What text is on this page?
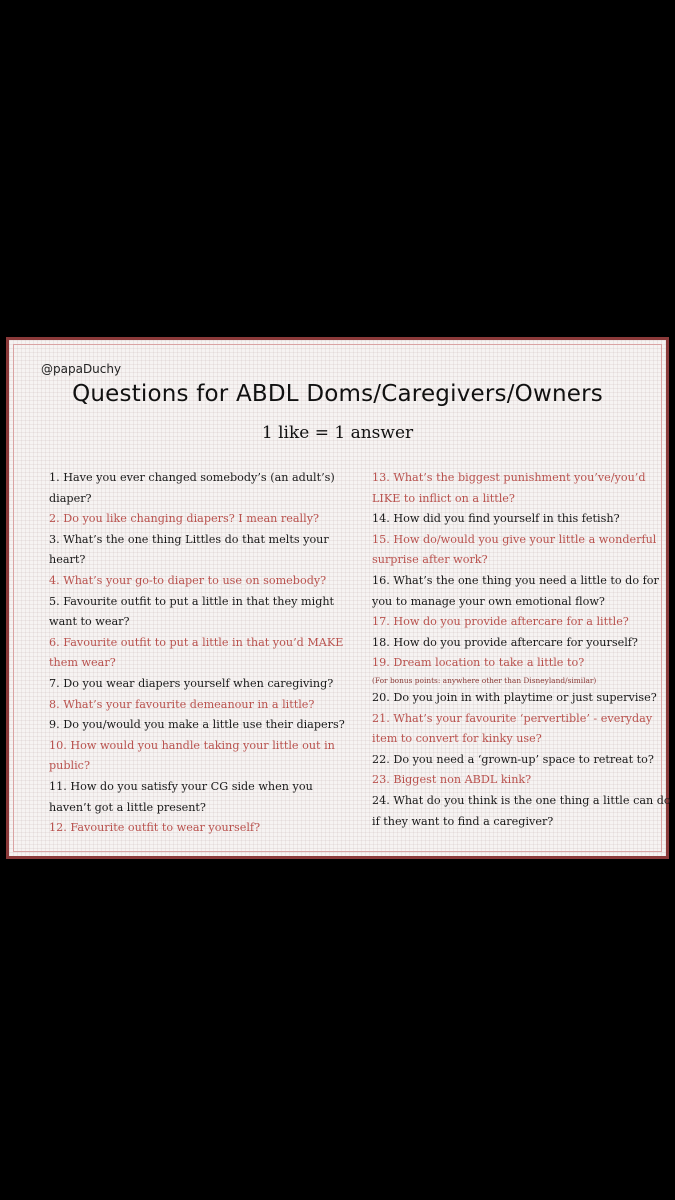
@papaDuchy
Questions for ABDL Doms/Caregivers/Owners
1 like = 1 answer
1. Have you ever changed somebody’s (an adult’s) diaper?
2. Do you like changing diapers? I mean really?
3. What’s the one thing Littles do that melts your heart?
4. What’s your go-to diaper to use on somebody?
5. Favourite outfit to put a little in that they might want to wear?
6. Favourite outfit to put a little in that you’d MAKE them wear?
7. Do you wear diapers yourself when caregiving?
8. What’s your favourite demeanour in a little?
9. Do you/would you make a little use their diapers?
10. How would you handle taking your little out in public?
11. How do you satisfy your CG side when you haven’t got a little present?
12. Favourite outfit to wear yourself?
13. What’s the biggest punishment you’ve/you’d LIKE to inflict on a little?
14. How did you find yourself in this fetish?
15. How do/would you give your little a wonderful surprise after work?
16. What’s the one thing you need a little to do for you to manage your own emotional flow?
17. How do you provide aftercare for a little?
18. How do you provide aftercare for yourself?
19. Dream location to take a little to?
(For bonus points: anywhere other than Disneyland/similar)
20. Do you join in with playtime or just supervise?
21. What’s your favourite ‘pervertible’ - everyday item to convert for kinky use?
22. Do you need a ‘grown-up’ space to retreat to?
23. Biggest non ABDL kink?
24. What do you think is the one thing a little can do if they want to find a caregiver?
